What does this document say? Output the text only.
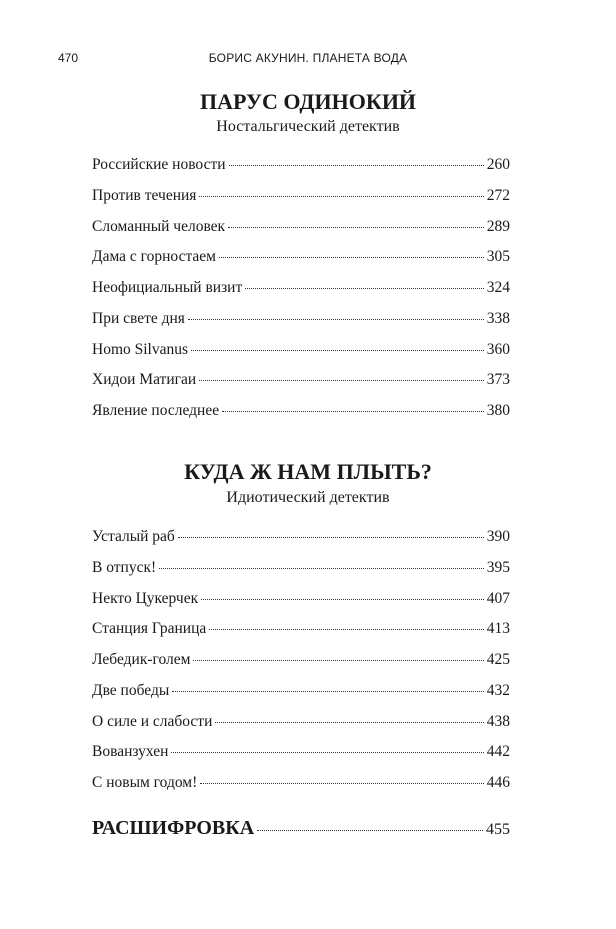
470	БОРИС АКУНИН. ПЛАНЕТА ВОДА
ПАРУС ОДИНОКИЙ
Ностальгический детектив
Российские новости	260
Против течения	272
Сломанный человек	289
Дама с горностаем	305
Неофициальный визит	324
При свете дня	338
Homo Silvanus	360
Хидои Матигаи	373
Явление последнее	380
КУДА Ж НАМ ПЛЫТЬ?
Идиотический детектив
Усталый раб	390
В отпуск!	395
Некто Цукерчек	407
Станция Граница	413
Лебедик-голем	425
Две победы	432
О силе и слабости	438
Вованзухен	442
С новым годом!	446
РАСШИФРОВКА	455
